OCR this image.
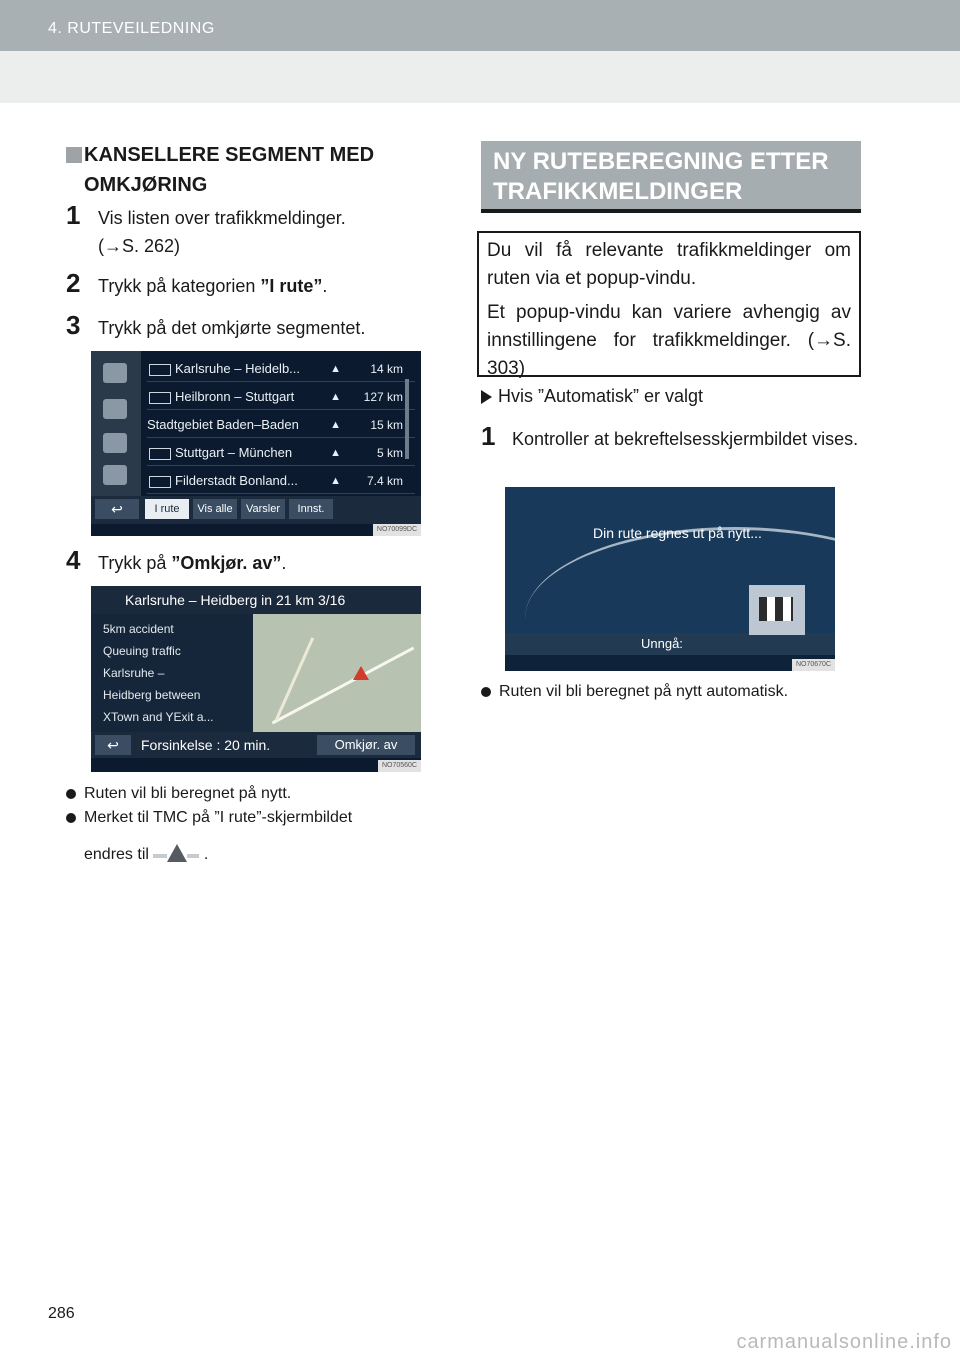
4. RUTEVEILEDNING
KANSELLERE SEGMENT MED OMKJØRING
1 Vis listen over trafikkmeldinger.
(→S. 262)
2 Trykk på kategorien ”I rute”.
3 Trykk på det omkjørte segmentet.
Karlsruhe – Heidelb...	▲ 14 km
Heilbronn – Stuttgart	▲ 127 km
Stadtgebiet Baden–Baden	▲ 15 km
Stuttgart – München	▲	5 km
Filderstadt Bonland...	▲ 7.4 km
↩	I rute	Vis alle	Varsler	Innst.
NO70099DC
4 Trykk på ”Omkjør. av”.
Karlsruhe – Heidberg in 21 km 3/16
5km accident
Queuing traffic
Karlsruhe –
Heidberg between
XTown and YExit a...
↩	Forsinkelse : 20 min.	Omkjør. av
NO70560C
Ruten vil bli beregnet på nytt.
Merket til TMC på ”I rute”-skjermbildet
endres til	.
NY RUTEBEREGNING ETTER TRAFIKKMELDINGER

Du vil få relevante trafikkmeldinger om ruten via et popup-vindu.

Et popup-vindu kan variere avhengig av innstillingene for trafikkmeldinger. (→S. 303)

Hvis ”Automatisk” er valgt
1 Kontroller at bekreftelsesskjermbildet vises.
Din rute regnes ut på nytt...
Unngå:
NO70670C
Ruten vil bli beregnet på nytt automatisk.
286
carmanualsonline.info
